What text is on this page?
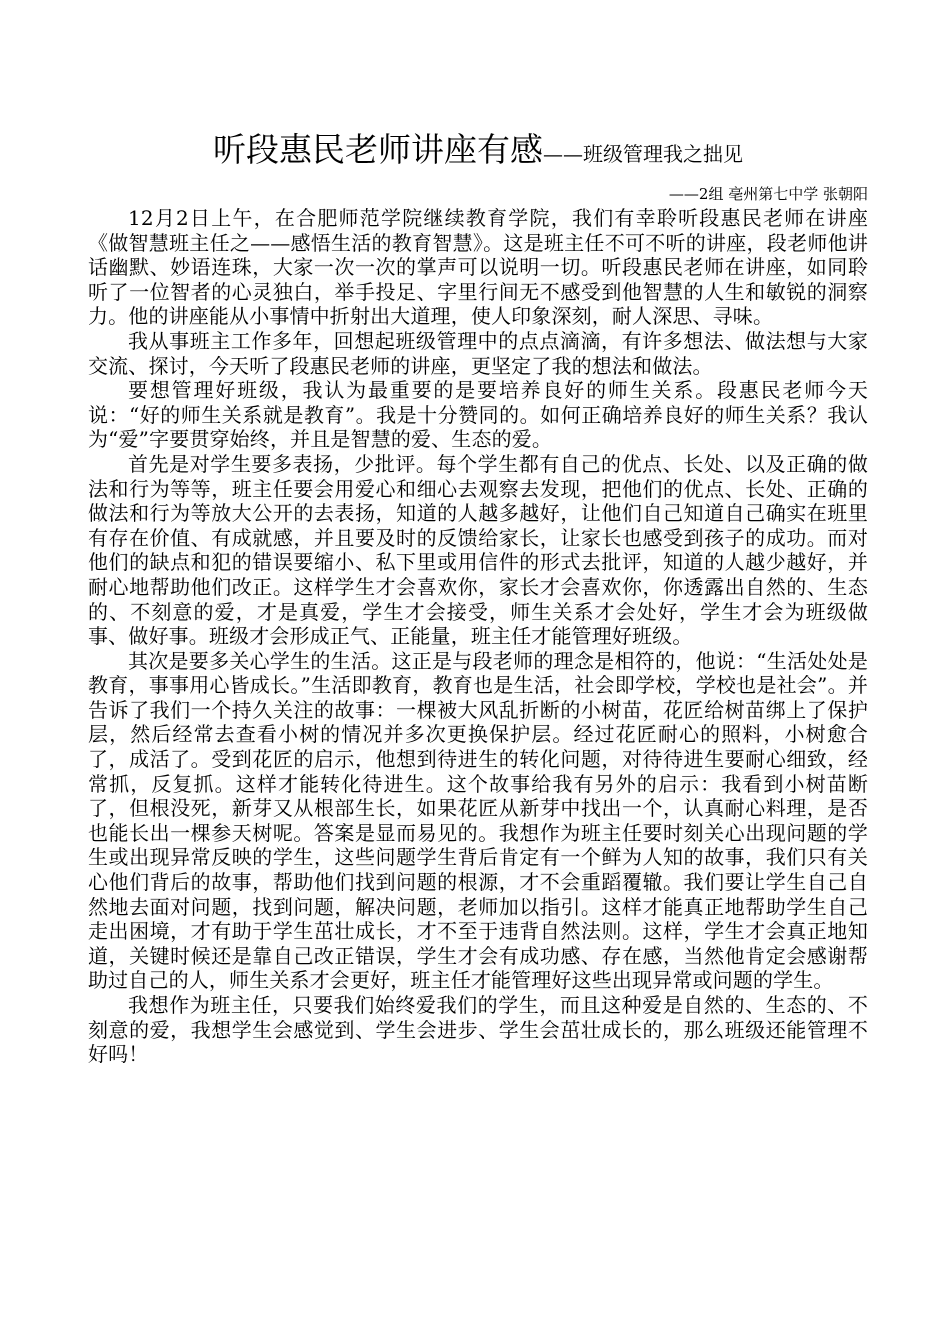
听段惠民老师讲座有感——班级管理我之拙见
——2组 亳州第七中学 张朝阳

12月2日上午，在合肥师范学院继续教育学院，我们有幸聆听段惠民老师在讲座《做智慧班主任之——感悟生活的教育智慧》。这是班主任不可不听的讲座，段老师他讲话幽默、妙语连珠，大家一次一次的掌声可以说明一切。听段惠民老师在讲座，如同聆听了一位智者的心灵独白，举手投足、字里行间无不感受到他智慧的人生和敏锐的洞察力。他的讲座能从小事情中折射出大道理，使人印象深刻，耐人深思、寻味。

我从事班主工作多年，回想起班级管理中的点点滴滴，有许多想法、做法想与大家交流、探讨，今天听了段惠民老师的讲座，更坚定了我的想法和做法。

要想管理好班级，我认为最重要的是要培养良好的师生关系。段惠民老师今天说：“好的师生关系就是教育”。我是十分赞同的。如何正确培养良好的师生关系？我认为“爱”字要贯穿始终，并且是智慧的爱、生态的爱。

首先是对学生要多表扬，少批评。每个学生都有自己的优点、长处、以及正确的做法和行为等等，班主任要会用爱心和细心去观察去发现，把他们的优点、长处、正确的做法和行为等放大公开的去表扬，知道的人越多越好，让他们自己知道自己确实在班里有存在价值、有成就感，并且要及时的反馈给家长，让家长也感受到孩子的成功。而对他们的缺点和犯的错误要缩小、私下里或用信件的形式去批评，知道的人越少越好，并耐心地帮助他们改正。这样学生才会喜欢你，家长才会喜欢你，你透露出自然的、生态的、不刻意的爱，才是真爱，学生才会接受，师生关系才会处好，学生才会为班级做事、做好事。班级才会形成正气、正能量，班主任才能管理好班级。

其次是要多关心学生的生活。这正是与段老师的理念是相符的，他说：“生活处处是教育，事事用心皆成长。”生活即教育，教育也是生活，社会即学校，学校也是社会”。并告诉了我们一个持久关注的故事：一棵被大风乱折断的小树苗，花匠给树苗绑上了保护层，然后经常去查看小树的情况并多次更换保护层。经过花匠耐心的照料，小树愈合了，成活了。受到花匠的启示，他想到待进生的转化问题，对待待进生要耐心细致，经常抓，反复抓。这样才能转化待进生。这个故事给我有另外的启示：我看到小树苗断了，但根没死，新芽又从根部生长，如果花匠从新芽中找出一个，认真耐心料理，是否也能长出一棵参天树呢。答案是显而易见的。我想作为班主任要时刻关心出现问题的学生或出现异常反映的学生，这些问题学生背后肯定有一个鲜为人知的故事，我们只有关心他们背后的故事，帮助他们找到问题的根源，才不会重蹈覆辙。我们要让学生自己自然地去面对问题，找到问题，解决问题，老师加以指引。这样才能真正地帮助学生自己走出困境，才有助于学生茁壮成长，才不至于违背自然法则。这样，学生才会真正地知道，关键时候还是靠自己改正错误，学生才会有成功感、存在感，当然他肯定会感谢帮助过自己的人，师生关系才会更好，班主任才能管理好这些出现异常或问题的学生。

我想作为班主任，只要我们始终爱我们的学生，而且这种爱是自然的、生态的、不刻意的爱，我想学生会感觉到、学生会进步、学生会茁壮成长的，那么班级还能管理不好吗！
